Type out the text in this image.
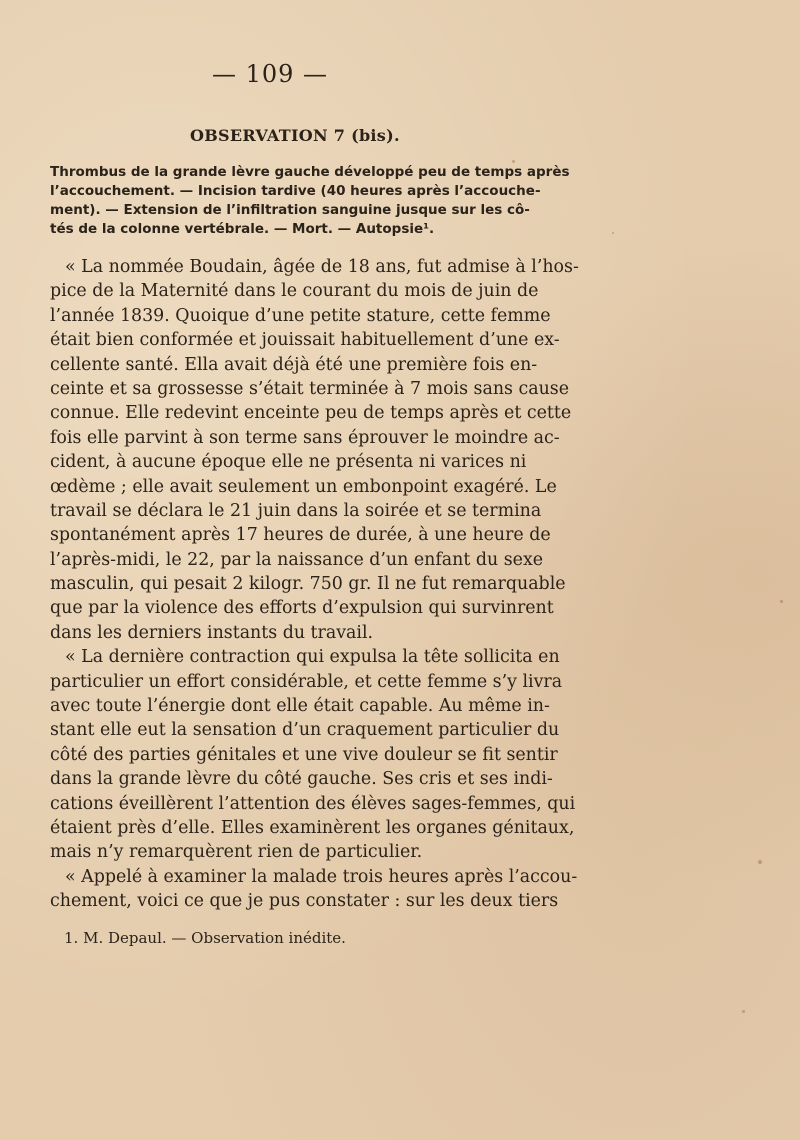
— 109 —
OBSERVATION 7 (bis).
Thrombus de la grande lèvre gauche développé peu de temps après
l’accouchement. — Incision tardive (40 heures après l’accouche-
ment). — Extension de l’infiltration sanguine jusque sur les cô-
tés de la colonne vertébrale. — Mort. — Autopsie¹.
« La nommée Boudain, âgée de 18 ans, fut admise à l’hos-
pice de la Maternité dans le courant du mois de juin de
l’année 1839. Quoique d’une petite stature, cette femme
était bien conformée et jouissait habituellement d’une ex-
cellente santé. Ella avait déjà été une première fois en-
ceinte et sa grossesse s’était terminée à 7 mois sans cause
connue. Elle redevint enceinte peu de temps après et cette
fois elle parvint à son terme sans éprouver le moindre ac-
cident, à aucune époque elle ne présenta ni varices ni
œdème ; elle avait seulement un embonpoint exagéré. Le
travail se déclara le 21 juin dans la soirée et se termina
spontanément après 17 heures de durée, à une heure de
l’après-midi, le 22, par la naissance d’un enfant du sexe
masculin, qui pesait 2 kilogr. 750 gr. Il ne fut remarquable
que par la violence des efforts d’expulsion qui survinrent
dans les derniers instants du travail.
« La dernière contraction qui expulsa la tête sollicita en
particulier un effort considérable, et cette femme s’y livra
avec toute l’énergie dont elle était capable. Au même in-
stant elle eut la sensation d’un craquement particulier du
côté des parties génitales et une vive douleur se fit sentir
dans la grande lèvre du côté gauche. Ses cris et ses indi-
cations éveillèrent l’attention des élèves sages-femmes, qui
étaient près d’elle. Elles examinèrent les organes génitaux,
mais n’y remarquèrent rien de particulier.
« Appelé à examiner la malade trois heures après l’accou-
chement, voici ce que je pus constater : sur les deux tiers
1. M. Depaul. — Observation inédite.
